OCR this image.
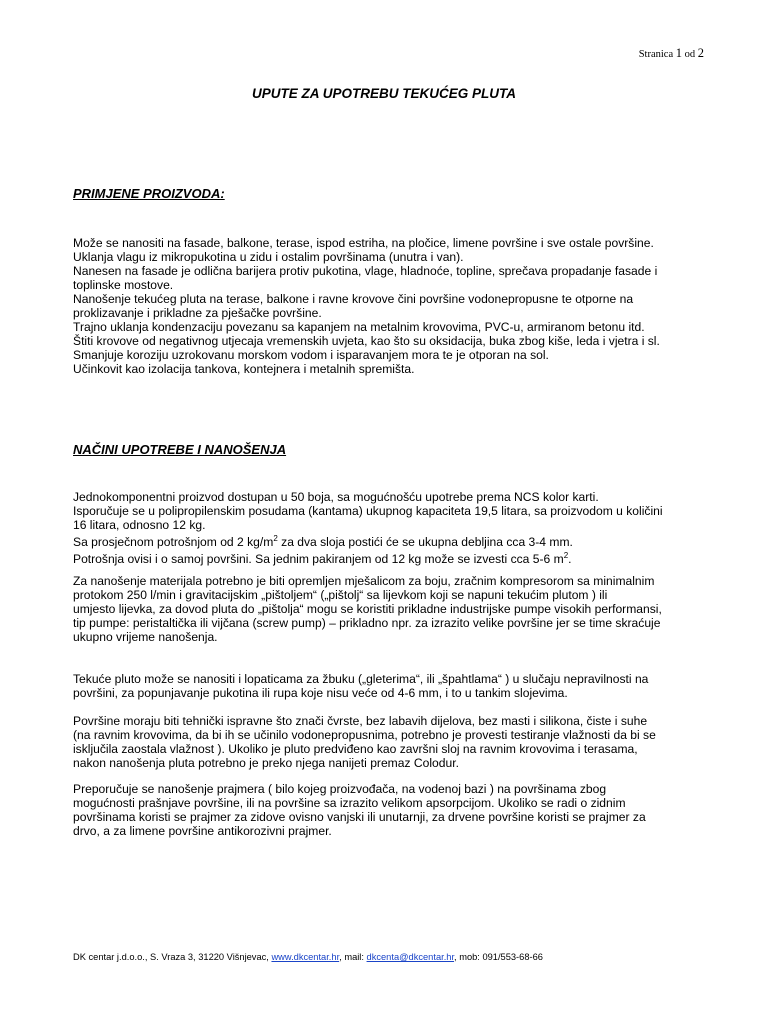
Stranica 1 od 2
UPUTE ZA UPOTREBU TEKUĆEG PLUTA
PRIMJENE PROIZVODA:
Može se nanositi na fasade, balkone, terase, ispod estriha, na pločice, limene površine i sve ostale površine.
Uklanja vlagu iz mikropukotina u zidu i ostalim površinama (unutra i van).
Nanesen na fasade je odlična barijera protiv pukotina, vlage, hladnoće, topline, sprečava propadanje fasade i
toplinske mostove.
Nanošenje tekućeg pluta na terase, balkone i ravne krovove čini površine vodonepropusne te otporne na
proklizavanje i prikladne za pješačke površine.
Trajno uklanja kondenzaciju povezanu sa kapanjem na metalnim krovovima, PVC-u, armiranom betonu itd.
Štiti krovove od negativnog utjecaja vremenskih uvjeta, kao što su oksidacija, buka zbog kiše, leda i vjetra i sl.
Smanjuje koroziju uzrokovanu morskom vodom i isparavanjem mora te je otporan na sol.
Učinkovit kao izolacija tankova, kontejnera i metalnih spremišta.
NAČINI UPOTREBE I NANOŠENJA
Jednokomponentni proizvod dostupan u 50 boja, sa mogućnošću upotrebe prema NCS kolor karti.
Isporučuje se u polipropilenskim posudama (kantama) ukupnog kapaciteta 19,5 litara, sa proizvodom u količini
16 litara, odnosno 12 kg.
Sa prosječnom potrošnjom od 2 $kg/m^2$ za dva sloja postići će se ukupna debljina cca 3-4 mm.
Potrošnja ovisi i o samoj površini. Sa jednim pakiranjem od 12 kg može se izvesti cca 5-6 $m^2$.
Za nanošenje materijala potrebno je biti opremljen mješalicom za boju, zračnim kompresorom sa minimalnim
protokom 250 l/min i gravitacijskim „pištoljem“ („pištolj“ sa lijevkom koji se napuni tekućim plutom ) ili
umjesto lijevka, za dovod pluta do „pištolja“ mogu se koristiti prikladne industrijske pumpe visokih performansi,
tip pumpe: peristaltička ili vijčana (screw pump) – prikladno npr. za izrazito velike površine jer se time skraćuje
ukupno vrijeme nanošenja.
Tekuće pluto može se nanositi i lopaticama za žbuku („gleterima“, ili „špahtlama“ ) u slučaju nepravilnosti na
površini, za popunjavanje pukotina ili rupa koje nisu veće od 4-6 mm, i to u tankim slojevima.
Površine moraju biti tehnički ispravne što znači čvrste, bez labavih dijelova, bez masti i silikona, čiste i suhe
(na ravnim krovovima, da bi ih se učinilo vodonepropusnima, potrebno je provesti testiranje vlažnosti da bi se
isključila zaostala vlažnost ). Ukoliko je pluto predviđeno kao završni sloj na ravnim krovovima i terasama,
nakon nanošenja pluta potrebno je preko njega nanijeti premaz Colodur.
Preporučuje se nanošenje prajmera ( bilo kojeg proizvođača, na vodenoj bazi ) na površinama zbog
mogućnosti prašnjave površine, ili na površine sa izrazito velikom apsorpcijom. Ukoliko se radi o zidnim
površinama koristi se prajmer za zidove ovisno vanjski ili unutarnji, za drvene površine koristi se prajmer za
drvo, a za limene površine antikorozivni prajmer.
DK centar j.d.o.o., S. Vraza 3, 31220 Višnjevac, www.dkcentar.hr, mail: dkcenta@dkcentar.hr, mob: 091/553-68-66
